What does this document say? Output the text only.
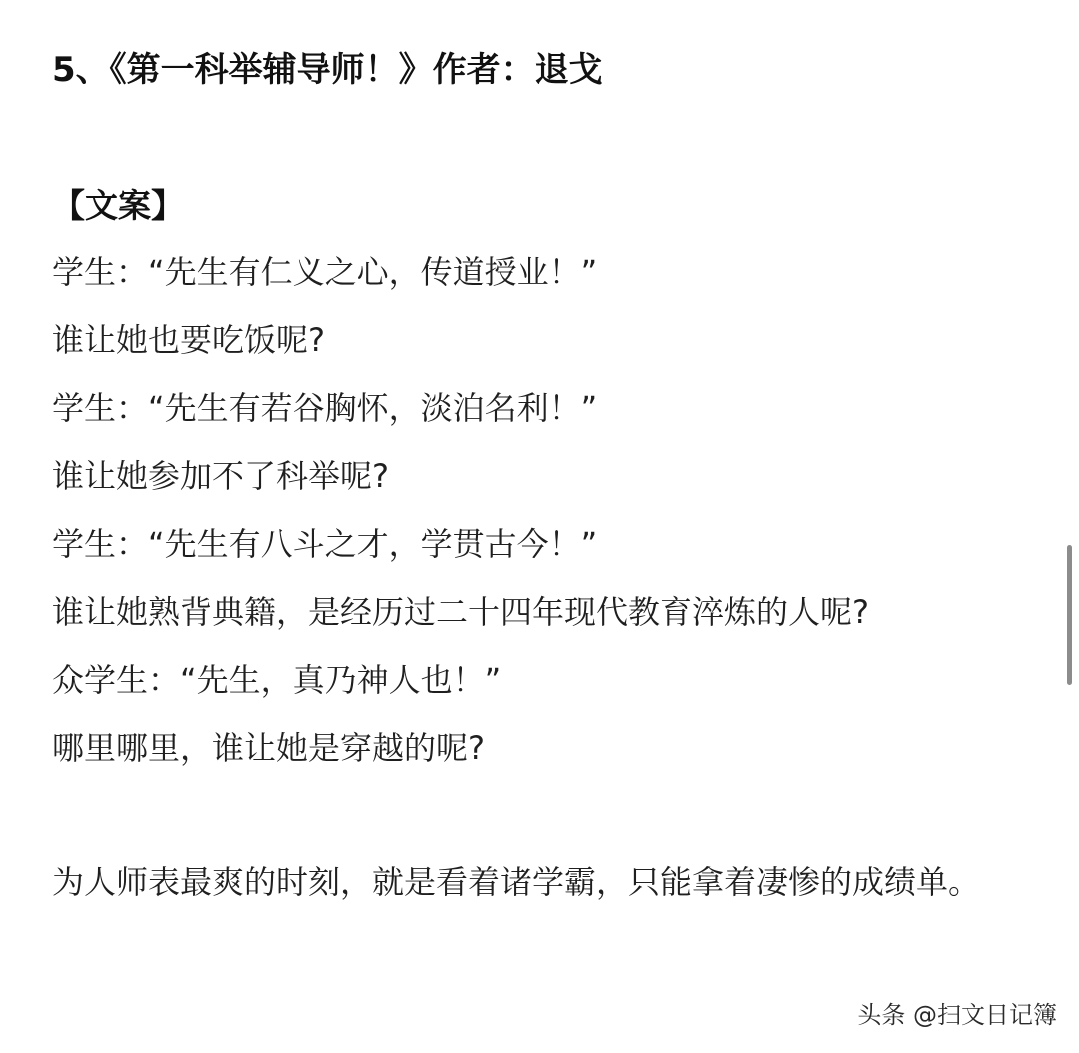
5、《第一科举辅导师！》作者：退戈
【文案】
学生：“先生有仁义之心，传道授业！”
谁让她也要吃饭呢?
学生：“先生有若谷胸怀，淡泊名利！”
谁让她参加不了科举呢?
学生：“先生有八斗之才，学贯古今！”
谁让她熟背典籍，是经历过二十四年现代教育淬炼的人呢?
众学生：“先生，真乃神人也！”
哪里哪里，谁让她是穿越的呢?

为人师表最爽的时刻，就是看着诸学霸，只能拿着凄惨的成绩单。

头条 @扫文日记簿
